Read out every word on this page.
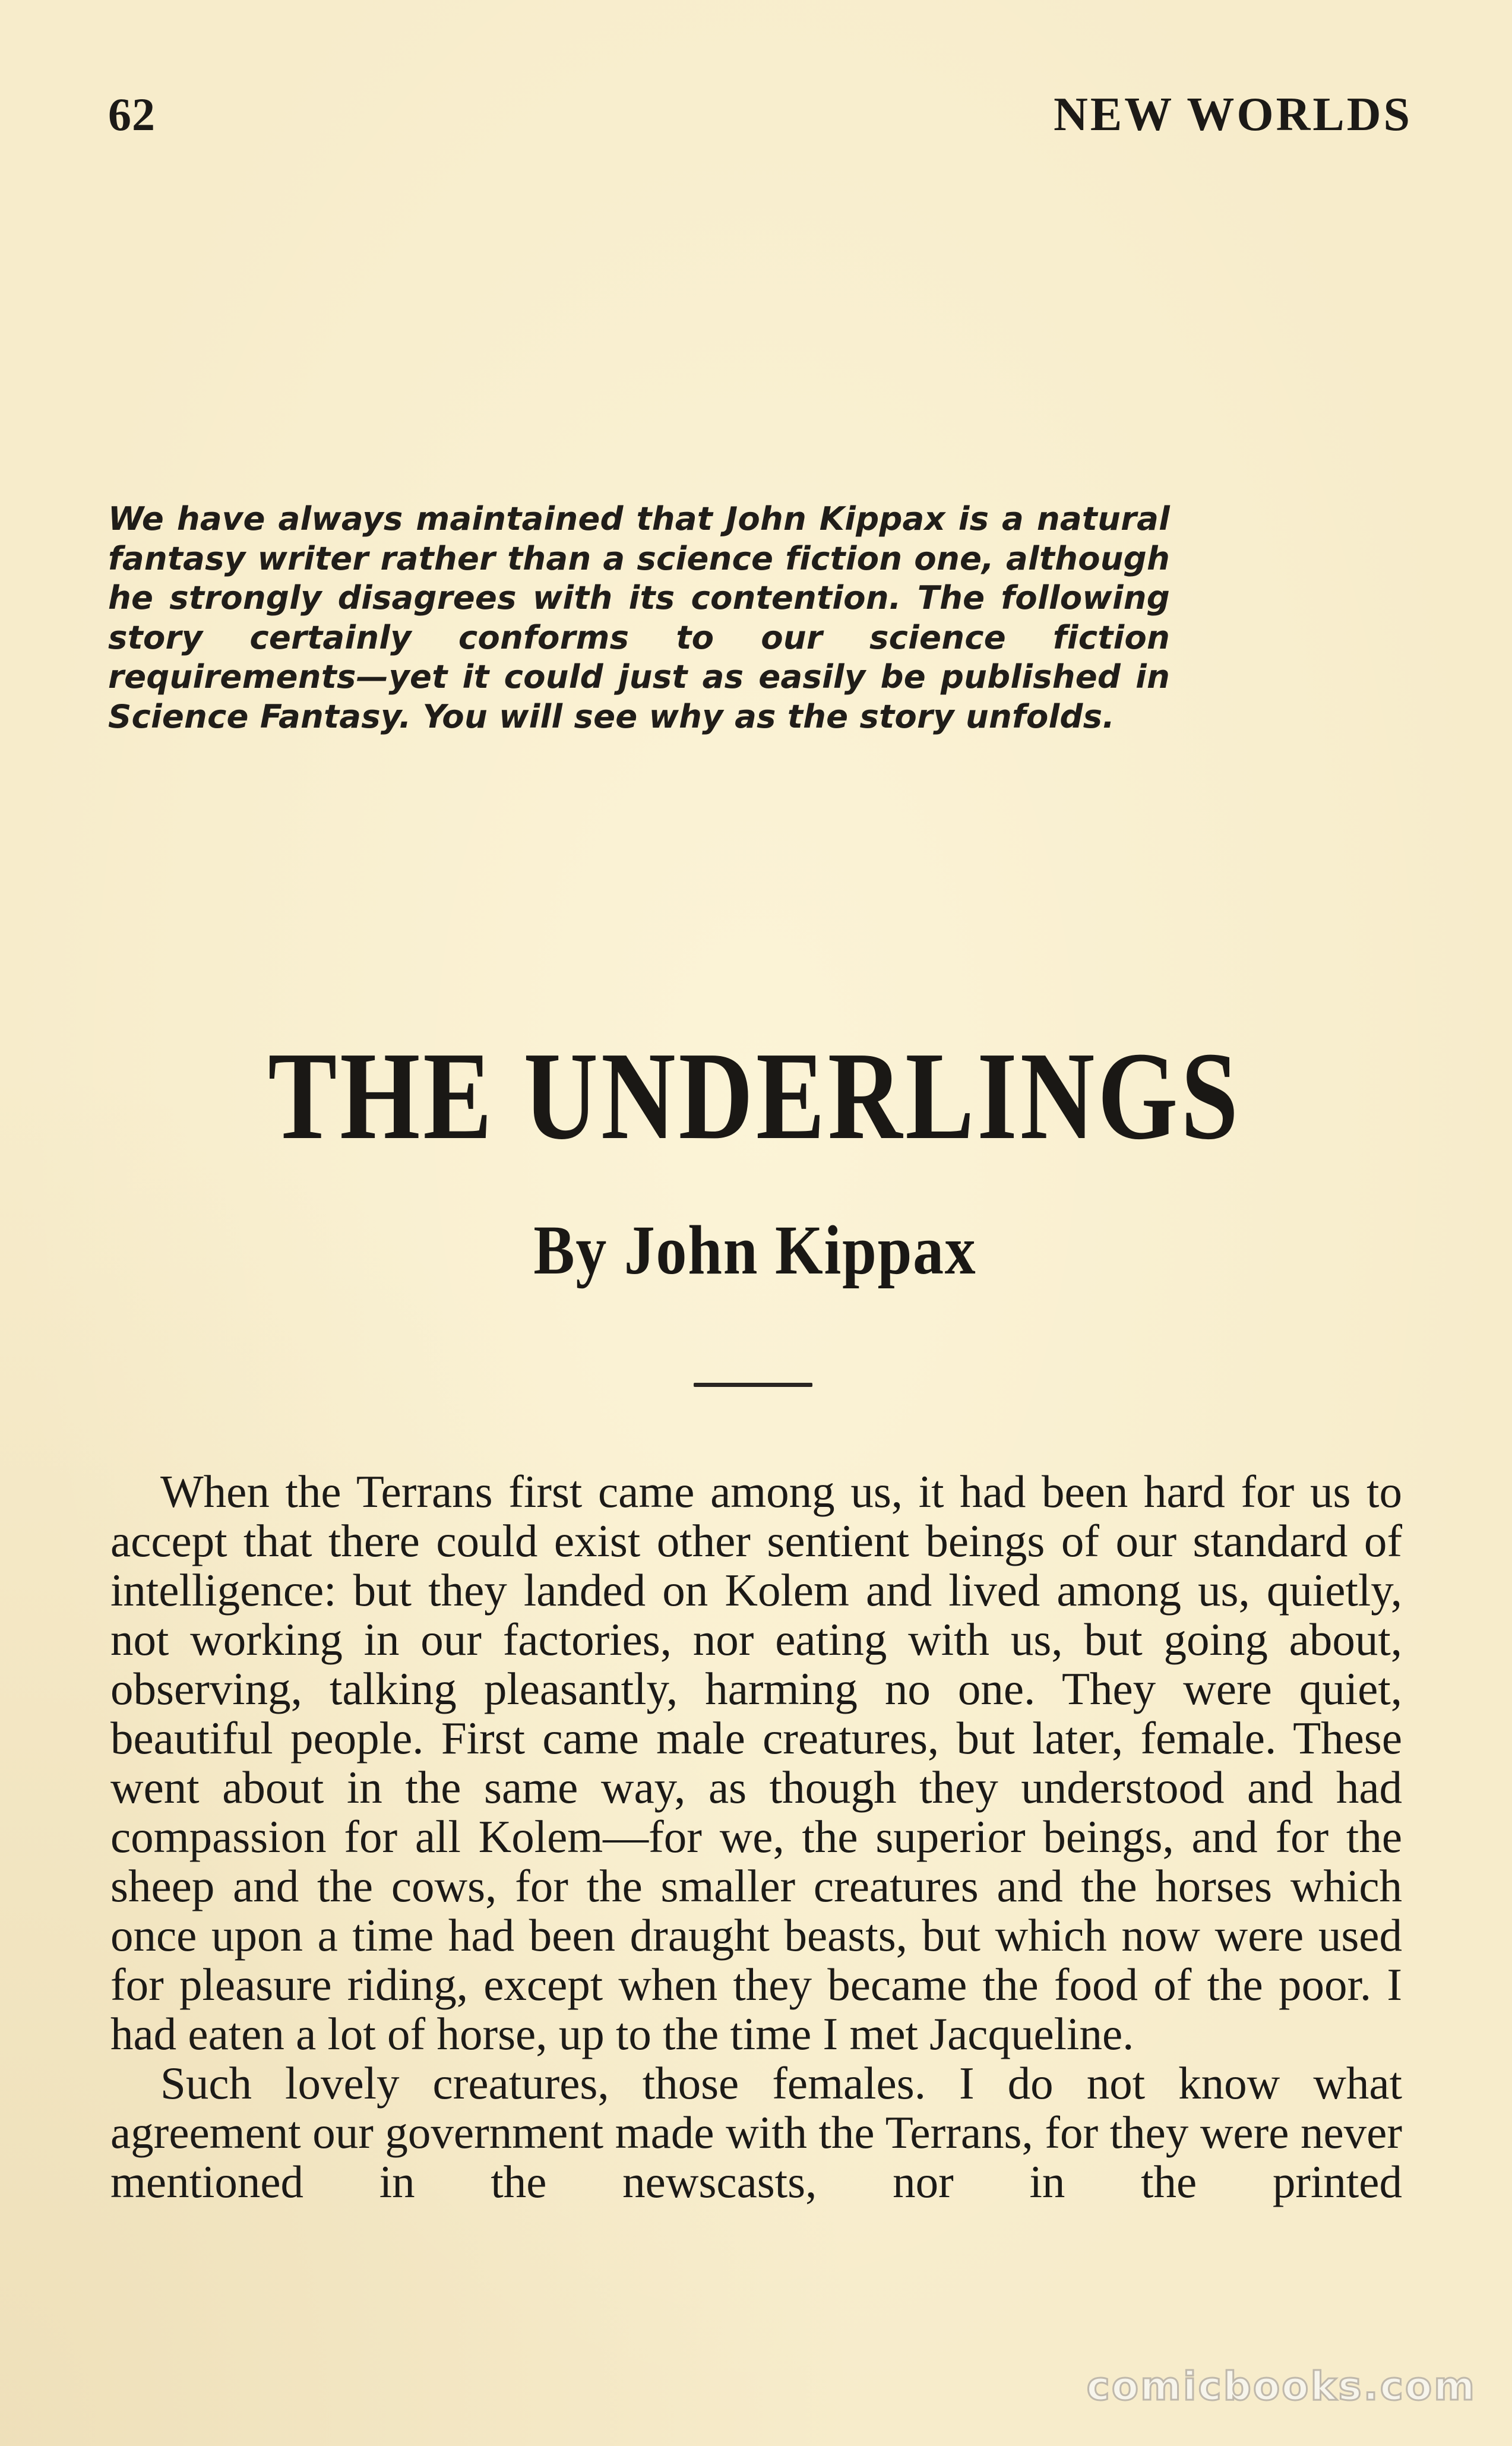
62	NEW WORLDS
We have always maintained that John Kippax is a natural fantasy writer rather than a science fiction one, although he strongly disagrees with its contention. The following story certainly conforms to our science fiction requirements—yet it could just as easily be published in Science Fantasy. You will see why as the story unfolds.
THE UNDERLINGS
By John Kippax

When the Terrans first came among us, it had been hard for us to accept that there could exist other sentient beings of our standard of intelligence: but they landed on Kolem and lived among us, quietly, not working in our factories, nor eating with us, but going about, observing, talking pleasantly, harming no one. They were quiet, beautiful people. First came male creatures, but later, female. These went about in the same way, as though they understood and had compassion for all Kolem—for we, the superior beings, and for the sheep and the cows, for the smaller creatures and the horses which once upon a time had been draught beasts, but which now were used for pleasure riding, except when they became the food of the poor. I had eaten a lot of horse, up to the time I met Jacqueline.

Such lovely creatures, those females. I do not know what agreement our government made with the Terrans, for they were never mentioned in the newscasts, nor in the printed

comicbooks.com
